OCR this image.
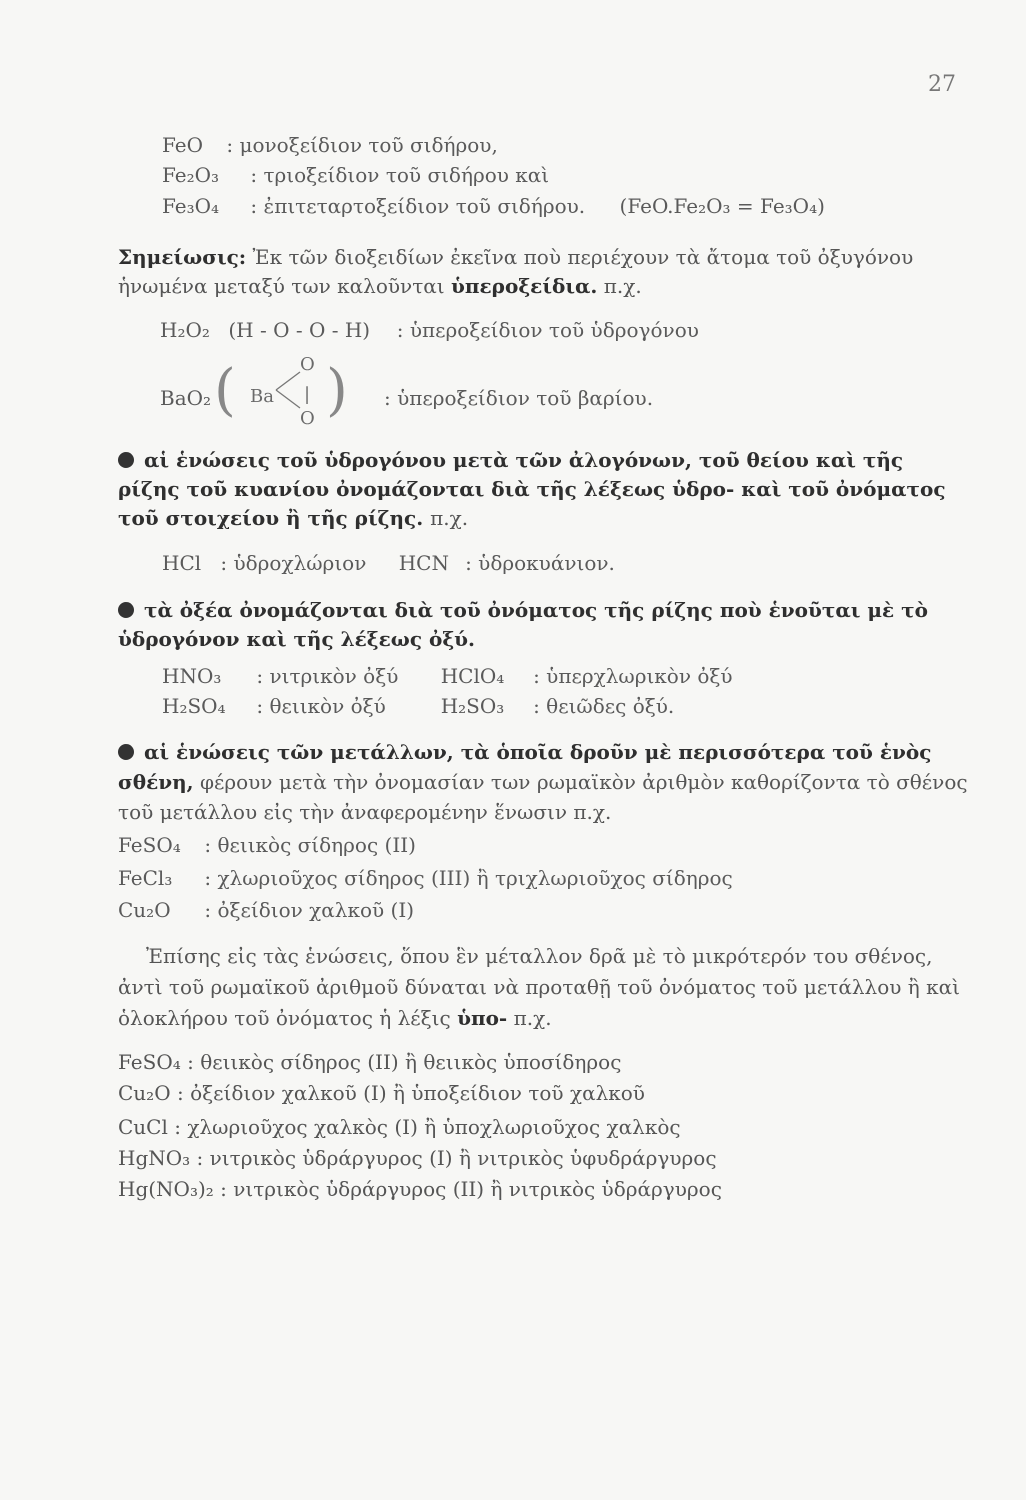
27
FeO : μονοξείδιον τοῦ σιδήρου,
Fe₂O₃ : τριοξείδιον τοῦ σιδήρου καὶ
Fe₃O₄ : ἐπιτεταρτοξείδιον τοῦ σιδήρου. (FeO.Fe₂O₃ = Fe₃O₄)
Σημείωσις: Ἐκ τῶν διοξειδίων ἐκεῖνα ποὺ περιέχουν τὰ ἄτομα τοῦ ὀξυγόνου ἡνωμένα μεταξύ των καλοῦνται ὑπεροξείδια. π.χ.
H₂O₂ (H - O - O - H) : ὑπεροξείδιον τοῦ ὑδρογόνου
BaO₂ ( Ba
O
|
O ) : ὑπεροξείδιον τοῦ βαρίου.
αἱ ἑνώσεις τοῦ ὑδρογόνου μετὰ τῶν ἀλογόνων, τοῦ θείου καὶ τῆς ρίζης τοῦ κυανίου ὀνομάζονται διὰ τῆς λέξεως ὑδρο- καὶ τοῦ ὀνόματος τοῦ στοιχείου ἢ τῆς ρίζης. π.χ.
HCl : ὑδροχλώριον HCN : ὑδροκυάνιον.
τὰ ὀξέα ὀνομάζονται διὰ τοῦ ὀνόματος τῆς ρίζης ποὺ ἑνοῦται μὲ τὸ ὑδρογόνον καὶ τῆς λέξεως ὀξύ.
HNO₃ : νιτρικὸν ὀξύ HClO₄ : ὑπερχλωρικὸν ὀξύ
H₂SO₄ : θειικὸν ὀξύ	H₂SO₃ : θειῶδες ὀξύ.
αἱ ἑνώσεις τῶν μετάλλων, τὰ ὁποῖα δροῦν μὲ περισσότερα τοῦ ἑνὸς σθένη, φέρουν μετὰ τὴν ὀνομασίαν των ρωμαϊκὸν ἀριθμὸν καθορίζοντα τὸ σθένος τοῦ μετάλλου εἰς τὴν ἀναφερομένην ἕνωσιν π.χ.
FeSO₄ : θειικὸς σίδηρος (II)
FeCl₃ : χλωριοῦχος σίδηρος (III) ἢ τριχλωριοῦχος σίδηρος
Cu₂O : ὀξείδιον χαλκοῦ (I)
Ἐπίσης εἰς τὰς ἑνώσεις, ὅπου ἓν μέταλλον δρᾶ μὲ τὸ μικρότερόν του σθένος, ἀντὶ τοῦ ρωμαϊκοῦ ἀριθμοῦ δύναται νὰ προταθῇ τοῦ ὀνόματος τοῦ μετάλλου ἢ καὶ ὁλοκλήρου τοῦ ὀνόματος ἡ λέξις ὑπο- π.χ.
FeSO₄ : θειικὸς σίδηρος (II) ἢ θειικὸς ὑποσίδηρος
Cu₂O : ὀξείδιον χαλκοῦ (I) ἢ ὑποξείδιον τοῦ χαλκοῦ
CuCl : χλωριοῦχος χαλκὸς (I) ἢ ὑποχλωριοῦχος χαλκὸς
HgNO₃ : νιτρικὸς ὑδράργυρος (I) ἢ νιτρικὸς ὑφυδράργυρος
Hg(NO₃)₂ : νιτρικὸς ὑδράργυρος (II) ἢ νιτρικὸς ὑδράργυρος
